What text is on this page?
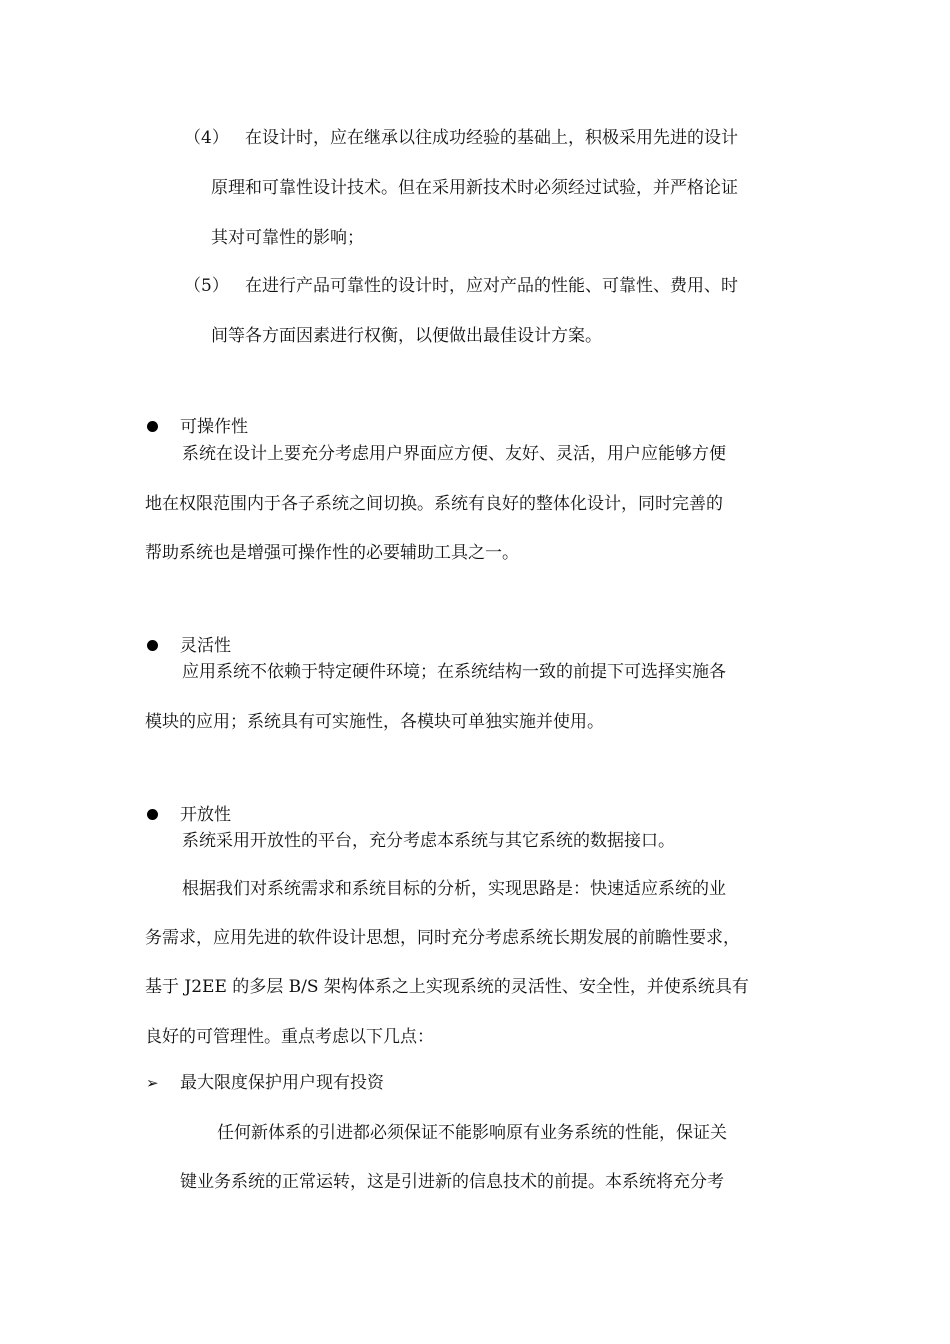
（4） 在设计时，应在继承以往成功经验的基础上，积极采用先进的设计
原理和可靠性设计技术。但在采用新技术时必须经过试验，并严格论证
其对可靠性的影响；
（5） 在进行产品可靠性的设计时，应对产品的性能、可靠性、费用、时
间等各方面因素进行权衡，以便做出最佳设计方案。
可操作性
系统在设计上要充分考虑用户界面应方便、友好、灵活，用户应能够方便
地在权限范围内于各子系统之间切换。系统有良好的整体化设计，同时完善的
帮助系统也是增强可操作性的必要辅助工具之一。
灵活性
应用系统不依赖于特定硬件环境；在系统结构一致的前提下可选择实施各
模块的应用；系统具有可实施性，各模块可单独实施并使用。
开放性
系统采用开放性的平台，充分考虑本系统与其它系统的数据接口。
根据我们对系统需求和系统目标的分析，实现思路是：快速适应系统的业
务需求，应用先进的软件设计思想，同时充分考虑系统长期发展的前瞻性要求，
基于 J2EE 的多层 B/S 架构体系之上实现系统的灵活性、安全性，并使系统具有
良好的可管理性。重点考虑以下几点：
➢ 最大限度保护用户现有投资
任何新体系的引进都必须保证不能影响原有业务系统的性能，保证关
键业务系统的正常运转，这是引进新的信息技术的前提。本系统将充分考
